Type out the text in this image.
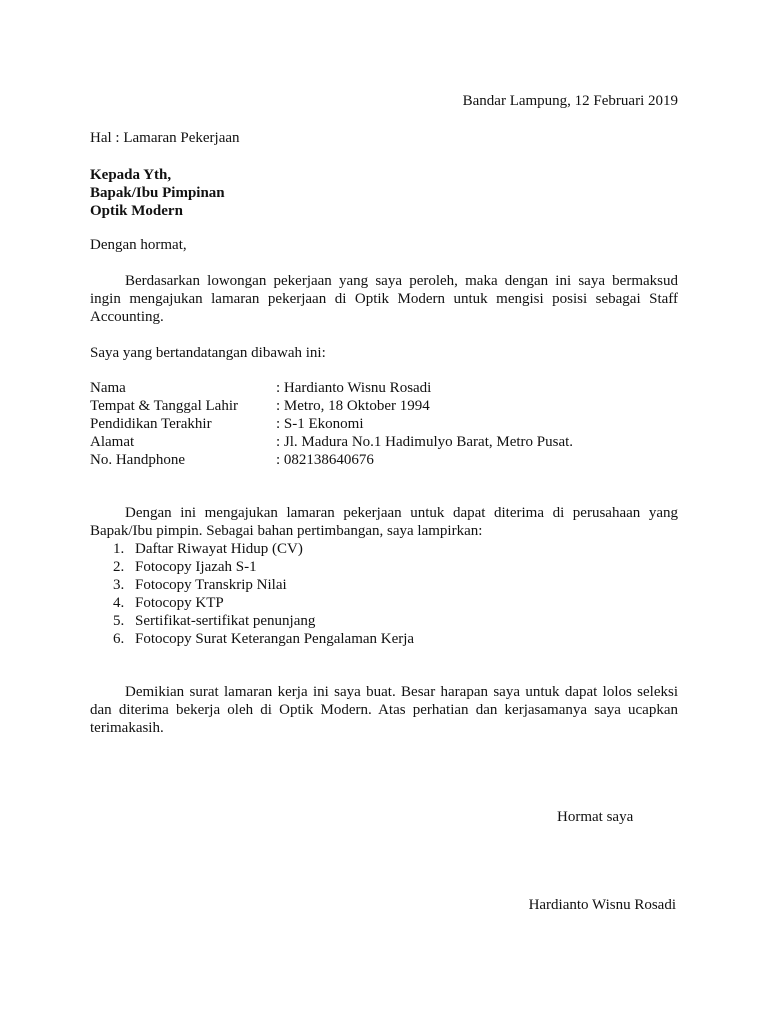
Bandar Lampung, 12 Februari 2019
Hal : Lamaran Pekerjaan
Kepada Yth,
Bapak/Ibu Pimpinan
Optik Modern
Dengan hormat,
Berdasarkan lowongan pekerjaan yang saya peroleh, maka dengan ini saya bermaksud ingin mengajukan lamaran pekerjaan di Optik Modern untuk mengisi posisi sebagai Staff Accounting.
Saya yang bertandatangan dibawah ini:
Nama	: Hardianto Wisnu Rosadi
Tempat & Tanggal Lahir	: Metro, 18 Oktober 1994
Pendidikan Terakhir	: S-1 Ekonomi
Alamat	: Jl. Madura No.1 Hadimulyo Barat, Metro Pusat.
No. Handphone	: 082138640676
Dengan ini mengajukan lamaran pekerjaan untuk dapat diterima di perusahaan yang Bapak/Ibu pimpin. Sebagai bahan pertimbangan, saya lampirkan:
1. Daftar Riwayat Hidup (CV)
2. Fotocopy Ijazah S-1
3. Fotocopy Transkrip Nilai
4. Fotocopy KTP
5. Sertifikat-sertifikat penunjang
6. Fotocopy Surat Keterangan Pengalaman Kerja
Demikian surat lamaran kerja ini saya buat. Besar harapan saya untuk dapat lolos seleksi dan diterima bekerja oleh di Optik Modern. Atas perhatian dan kerjasamanya saya ucapkan terimakasih.
Hormat saya
Hardianto Wisnu Rosadi
